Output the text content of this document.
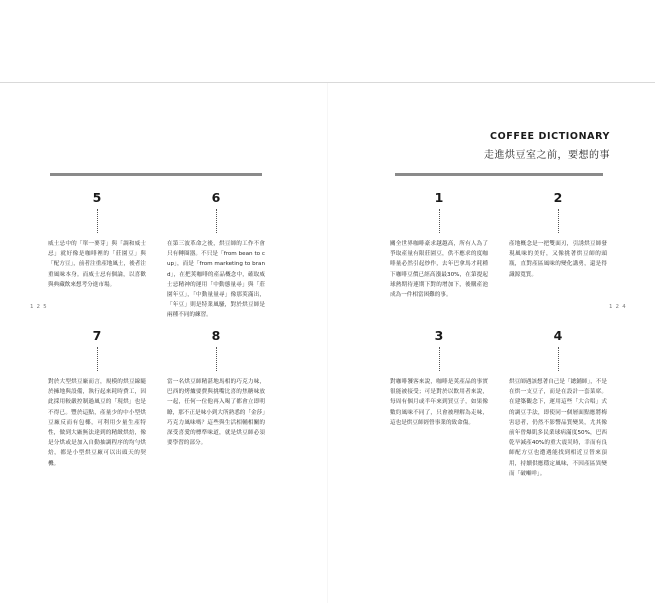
COFFEE DICTIONARY
走進烘豆室之前，要想的事
1 2 5	1 2 4
5
威士忌中的「單一麥芽」與「調和威士忌」就好像是咖啡裡的「莊園豆」與「配方豆」，前者注重產地風土，後者注重風味本身。而威士忌有個論，以喜歡與典藏飲來想考分進市場。
6
在第三波革命之後，烘豆師的工作不會只有轉圈器。不只是「from bean to cup」，而是「from marketing to brand」，在把莢咖啡的產品概念中，確取威士忌精神的運用「中動態量尋」與「莊園年豆」，「中動量量尋」像那莢滿出，「年豆」則是特業風騷，對於烘豆師是兩種不同的練習。
1
關全世界咖啡豪求越越高，所有人為了爭取產量有限莊園豆，供不應求的度咖啡量必然引起炒作，去年巴拿馬才耗種下咖啡豆價已經高漲最30%，在第提起球熱期待連期下對的增加下，後購產池成為一件相當困難的事。
2
產地概念是一把雙面刃，引誘烘豆師發現風味的美好，又像挑著烘豆師的頭瓶，直對產區風味的變化講勇，還是得識源寬質。
7
對於大型烘豆廠而言，規模的烘豆線隨於擁地與設備，執行起來耗時費工，因此採用較嚴控制過風豆的「現烘」也是不得已。豐於這點，產量少的中小型烘豆廠反而有包椰，可利用少量生產特性，做到大廠無法達到的精緻烘焙，像是分烘或是加入自動抽調程序的均勻烘焙，都是小型烘豆廠可以出頭天的契機。
8
當一名烘豆師精湛地馬相的巧克力味，巴西的烤爐要費與挑嘴比喜的焦糖味放一起，任何一位他再入喝了都會立即明瞭，那不正是味小到大所熟悉的「金莎」巧克力風味嗎？這些與生活相輔相關的深受喜愛的標準味道，就是烘豆師必須要學習的部分。
3
對咖啡饕客來說，咖啡是莢產品的事實很能被接受；可是對於以飲用者來說，每周有個月或半年來到買豆子，如果像數約風味不同了，只會被理解為走味，這也是烘豆師經營事業的致命傷。
4
烘豆師遇該想著自己是「總鋪師」，不是在烘一支豆子，而是在設計一套菜席。在建築觀念下，運用這些「大合唱」式的調豆手法，即使同一個層面點應將梅害惡者，仍然不影響品質變異，尤其像前年曾爆肌多民業球病滿度50%，巴西乾旱減產40%的重大震災時，幸而有良師配方豆也遭遇能找到相近豆替來頂用，持續供應穩定風味，不因產區異變而「破噸咩」。
